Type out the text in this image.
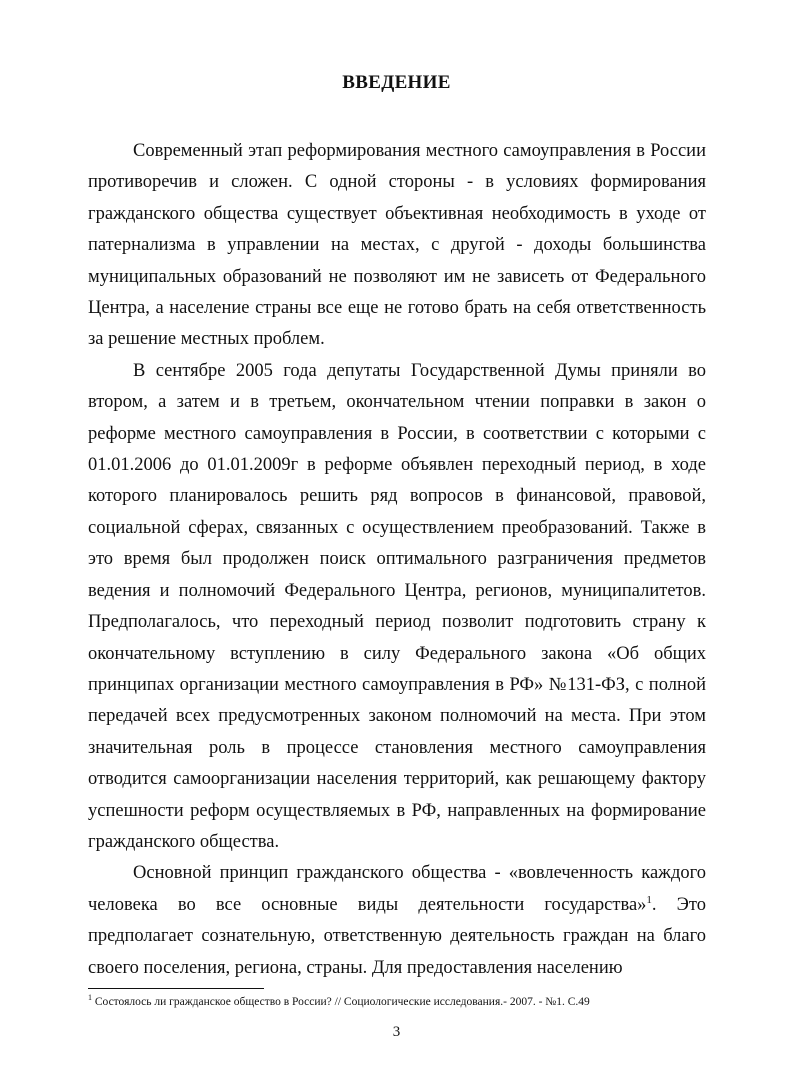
ВВЕДЕНИЕ

Современный этап реформирования местного самоуправления в России противоречив и сложен. С одной стороны - в условиях формирования гражданского общества существует объективная необходимость в уходе от патернализма в управлении на местах, с другой - доходы большинства муниципальных образований не позволяют им не зависеть от Федерального Центра, а население страны все еще не готово брать на себя ответственность за решение местных проблем.

В сентябре 2005 года депутаты Государственной Думы приняли во втором, а затем и в третьем, окончательном чтении поправки в закон о реформе местного самоуправления в России, в соответствии с которыми с 01.01.2006 до 01.01.2009г в реформе объявлен переходный период, в ходе которого планировалось решить ряд вопросов в финансовой, правовой, социальной сферах, связанных с осуществлением преобразований. Также в это время был продолжен поиск оптимального разграничения предметов ведения и полномочий Федерального Центра, регионов, муниципалитетов. Предполагалось, что переходный период позволит подготовить страну к окончательному вступлению в силу Федерального закона «Об общих принципах организации местного самоуправления в РФ» №131-ФЗ, с полной передачей всех предусмотренных законом полномочий на места. При этом значительная роль в процессе становления местного самоуправления отводится самоорганизации населения территорий, как решающему фактору успешности реформ осуществляемых в РФ, направленных на формирование гражданского общества.

Основной принцип гражданского общества - «вовлеченность каждого человека во все основные виды деятельности государства»$^1$. Это предполагает сознательную, ответственную деятельность граждан на благо своего поселения, региона, страны. Для предоставления населению

$^1$ Состоялось ли гражданское общество в России? // Социологические исследования.- 2007. - №1. С.49
3
